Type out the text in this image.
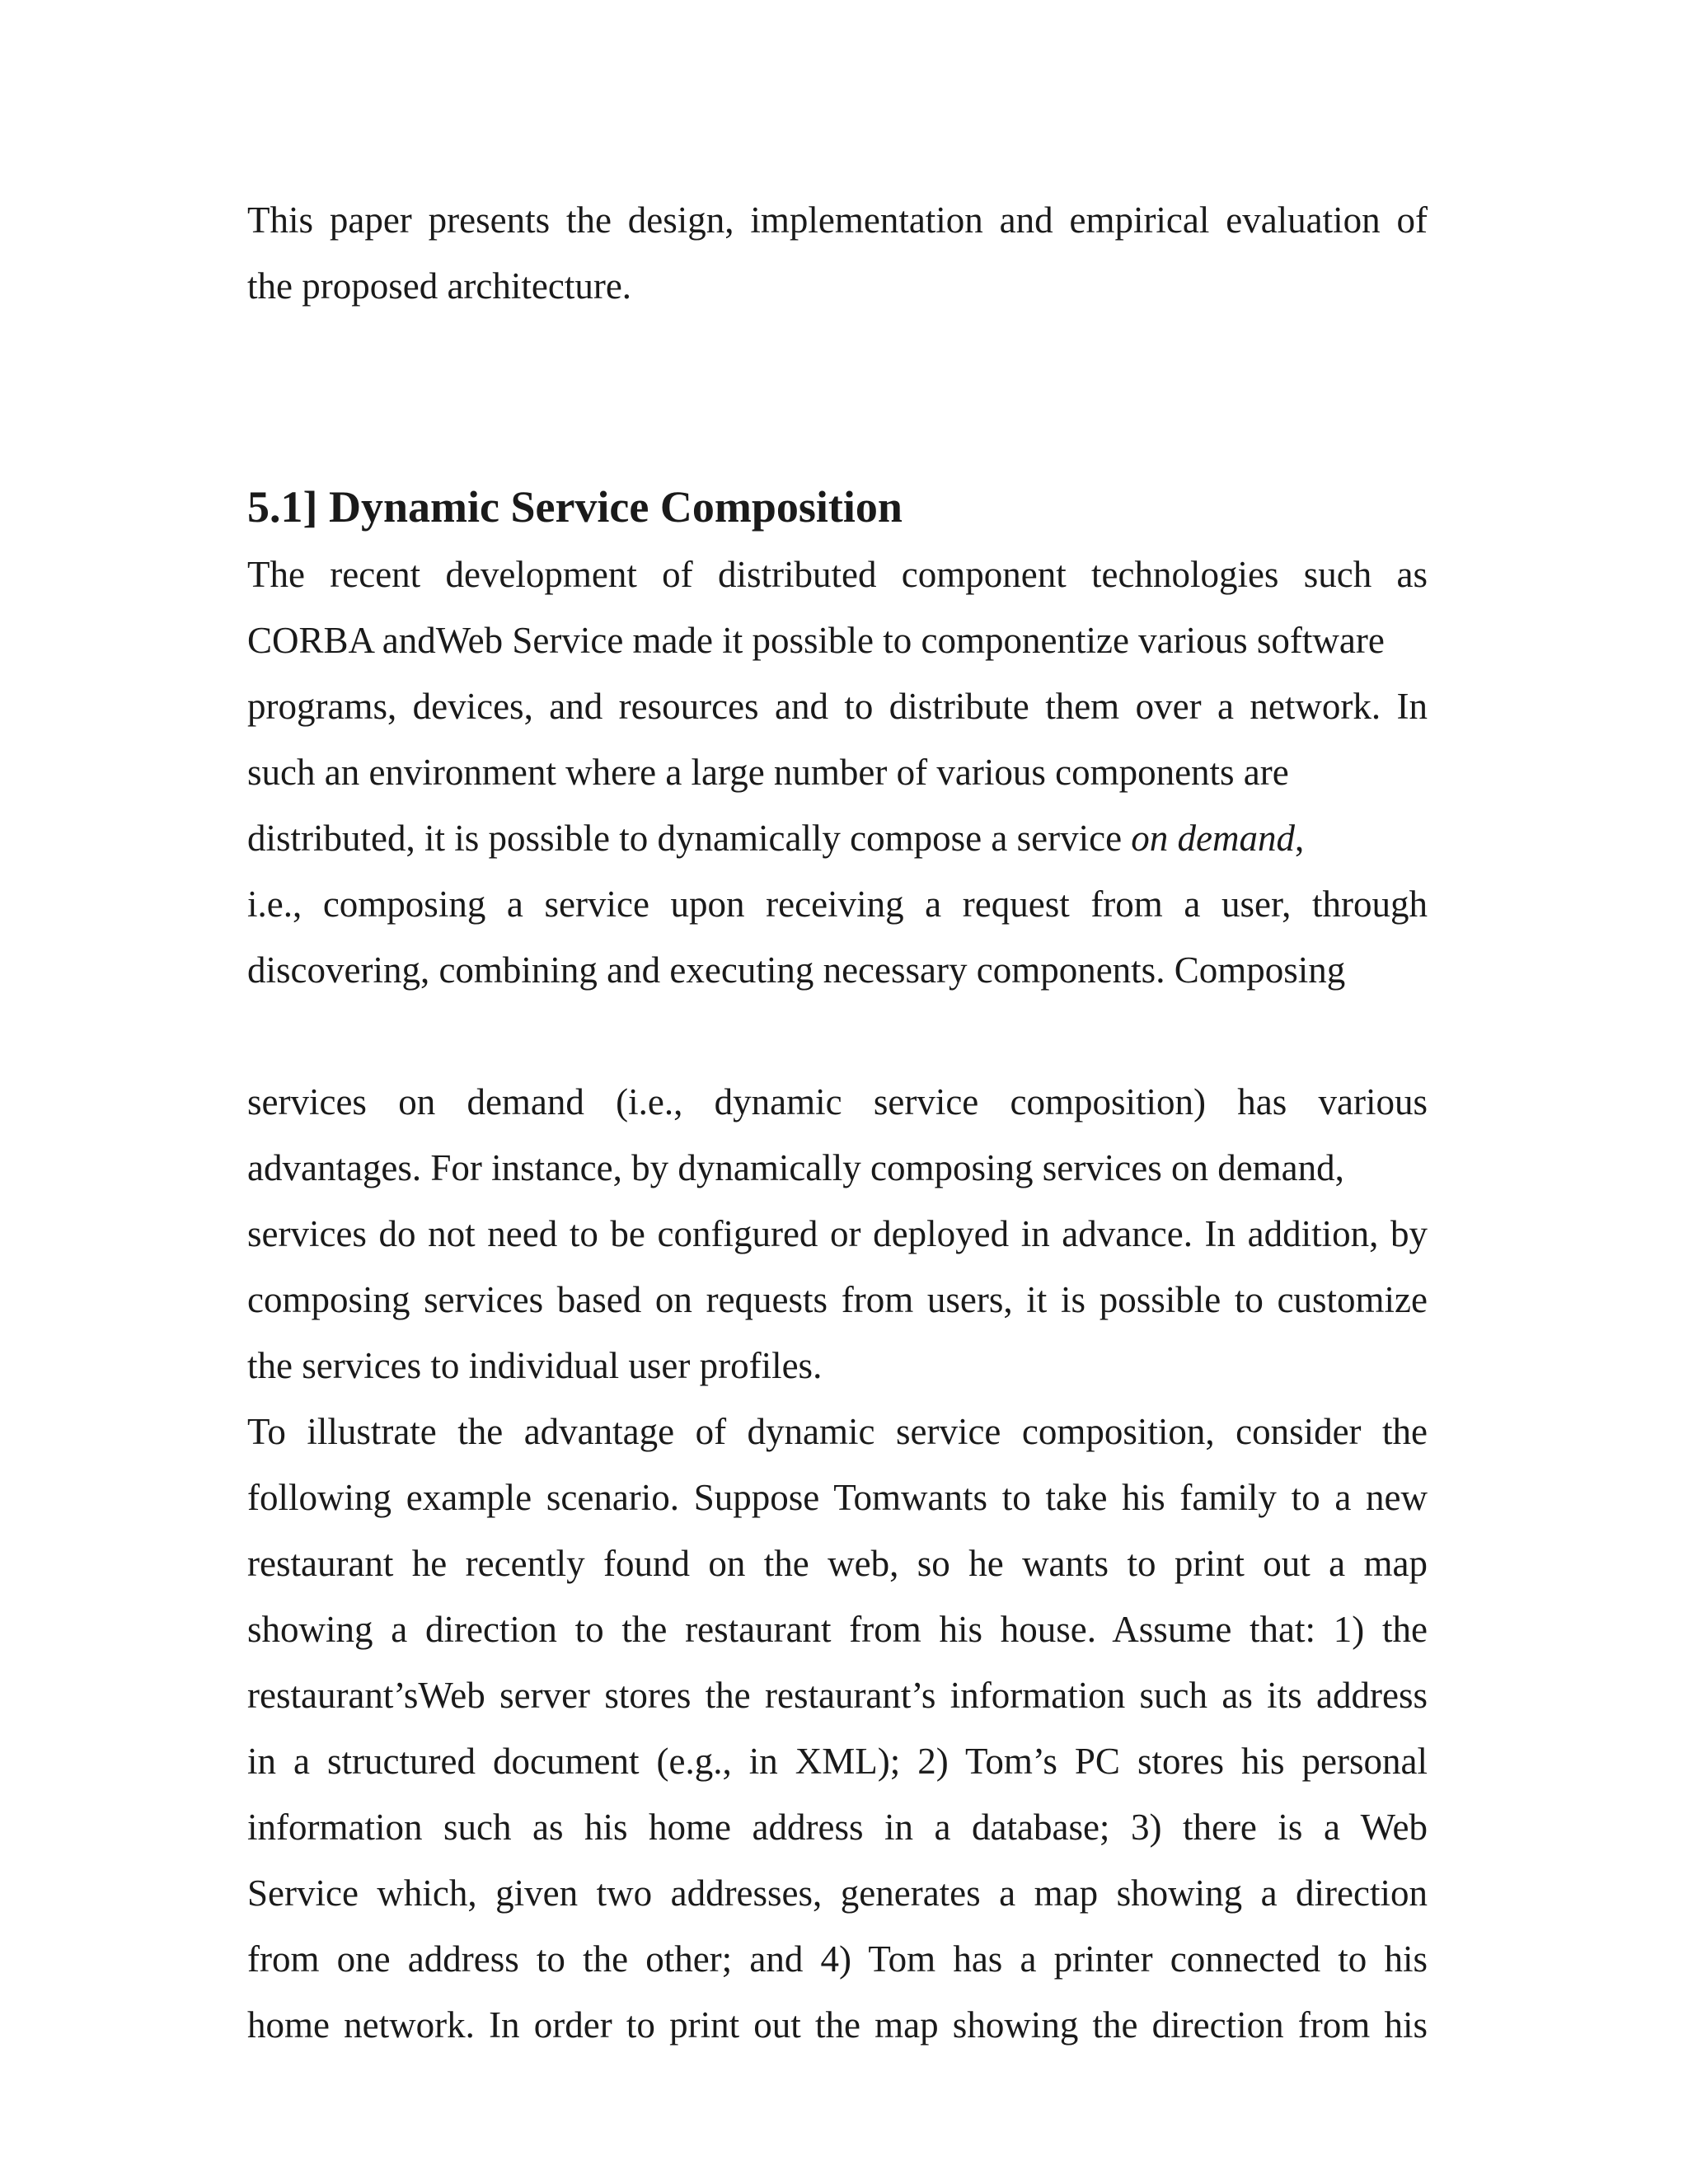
This paper presents the design, implementation and empirical evaluation of

the proposed architecture.

5.1] Dynamic Service Composition

The recent development of distributed component technologies such as

CORBA andWeb Service made it possible to componentize various software

programs, devices, and resources and to distribute them over a network. In

such an environment where a large number of various components are

distributed, it is possible to dynamically compose a service on demand,

i.e., composing a service upon receiving a request from a user, through

discovering, combining and executing necessary components. Composing

services on demand (i.e., dynamic service composition) has various

advantages. For instance, by dynamically composing services on demand,

services do not need to be configured or deployed in advance. In addition, by

composing services based on requests from users, it is possible to customize

the services to individual user profiles.

To illustrate the advantage of dynamic service composition, consider the

following example scenario. Suppose Tomwants to take his family to a new

restaurant he recently found on the web, so he wants to print out a map

showing a direction to the restaurant from his house. Assume that: 1) the

restaurant’sWeb server stores the restaurant’s information such as its address

in a structured document (e.g., in XML); 2) Tom’s PC stores his personal

information such as his home address in a database; 3) there is a Web

Service which, given two addresses, generates a map showing a direction

from one address to the other; and 4) Tom has a printer connected to his

home network. In order to print out the map showing the direction from his
